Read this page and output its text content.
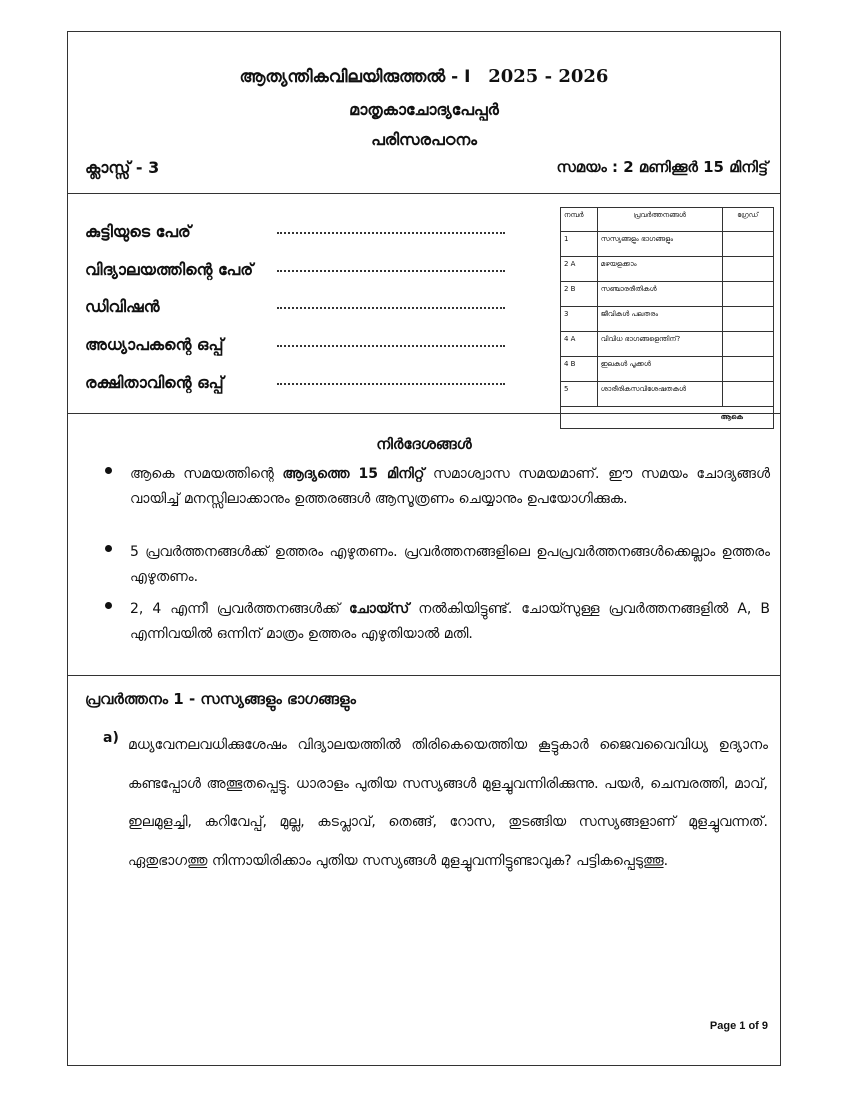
ആത്യന്തികവിലയിരുത്തൽ - I 2025 - 2026
മാതൃകാചോദ്യപേപ്പർ
പരിസരപഠനം
ക്ലാസ്സ് - 3	സമയം : 2 മണിക്കൂർ 15 മിനിട്ട്
കുട്ടിയുടെ പേര്
വിദ്യാലയത്തിന്റെ പേര്
ഡിവിഷൻ
അധ്യാപകന്റെ ഒപ്പ്
രക്ഷിതാവിന്റെ ഒപ്പ്
നമ്പർ	പ്രവർത്തനങ്ങൾ	ഗ്രേഡ്
1	സസ്യങ്ങളും ഭാഗങ്ങളും	
2 A	മഴയളക്കാം	
2 B	സഞ്ചാരരീതികൾ	
3	ജീവികൾ പലതരം	
4 A	വിവിധ ഭാഗങ്ങളെന്തിന്?	
4 B	ഇലകൾ പൂക്കൾ	
5	ശാരീരികസവിശേഷതകൾ	
ആകെ		
നിർദേശങ്ങൾ
ആകെ സമയത്തിന്റെ ആദ്യത്തെ 15 മിനിറ്റ് സമാശ്വാസ സമയമാണ്. ഈ സമയം ചോദ്യങ്ങൾ വായിച്ച് മനസ്സിലാക്കാനും ഉത്തരങ്ങൾ ആസൂത്രണം ചെയ്യാനും ഉപയോഗിക്കുക.
5 പ്രവർത്തനങ്ങൾക്ക് ഉത്തരം എഴുതണം. പ്രവർത്തനങ്ങളിലെ ഉപപ്രവർത്തനങ്ങൾക്കെല്ലാം ഉത്തരം എഴുതണം.
2, 4 എന്നീ പ്രവർത്തനങ്ങൾക്ക് ചോയ്സ് നൽകിയിട്ടുണ്ട്. ചോയ്സുള്ള പ്രവർത്തനങ്ങളിൽ A, B എന്നിവയിൽ ഒന്നിന് മാത്രം ഉത്തരം എഴുതിയാൽ മതി.
പ്രവർത്തനം 1 - സസ്യങ്ങളും ഭാഗങ്ങളും
a) മധ്യവേനലവധിക്കുശേഷം വിദ്യാലയത്തിൽ തിരികെയെത്തിയ കൂട്ടുകാർ ജൈവവൈവിധ്യ ഉദ്യാനം കണ്ടപ്പോൾ അത്ഭുതപ്പെട്ടു. ധാരാളം പുതിയ സസ്യങ്ങൾ മുളച്ചുവന്നിരിക്കുന്നു. പയർ, ചെമ്പരത്തി, മാവ്, ഇലമുളച്ചി, കറിവേപ്പ്, മുല്ല, കടപ്ലാവ്, തെങ്ങ്, റോസ, തുടങ്ങിയ സസ്യങ്ങളാണ് മുളച്ചുവന്നത്. ഏതുഭാഗത്തു നിന്നായിരിക്കാം പുതിയ സസ്യങ്ങൾ മുളച്ചുവന്നിട്ടുണ്ടാവുക? പട്ടികപ്പെടുത്തൂ.
Page 1 of 9
